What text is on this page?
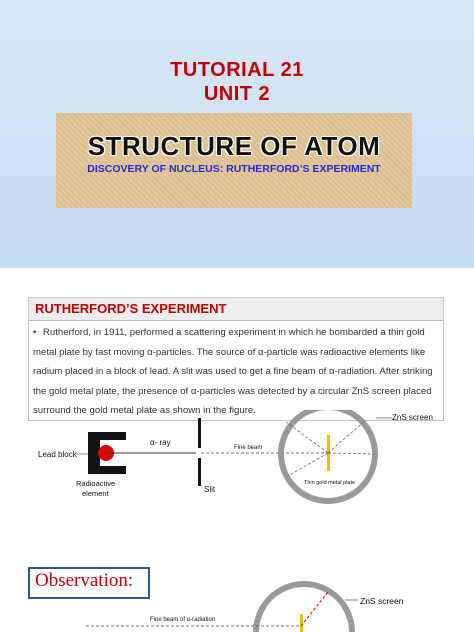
TUTORIAL 21
UNIT 2
STRUCTURE OF ATOM
DISCOVERY OF NUCLEUS: RUTHERFORD’S EXPERIMENT
RUTHERFORD’S EXPERIMENT
• Rutherford, in 1911, performed a scattering experiment in which he bombarded a thin gold metal plate by fast moving α-particles. The source of α-particle was radioactive elements like radium placed in a block of lead. A slit was used to get a fine beam of α-radiation. After striking the gold metal plate, the presence of α-particles was detected by a circular ZnS screen placed surround the gold metal plate as shown in the figure.
α- ray
Slit
Fine beam
ZnS screen
Thin gold metal plate
Lead block
Radioactive
element
Observation:
ZnS screen
Fine beam of α-radiation
